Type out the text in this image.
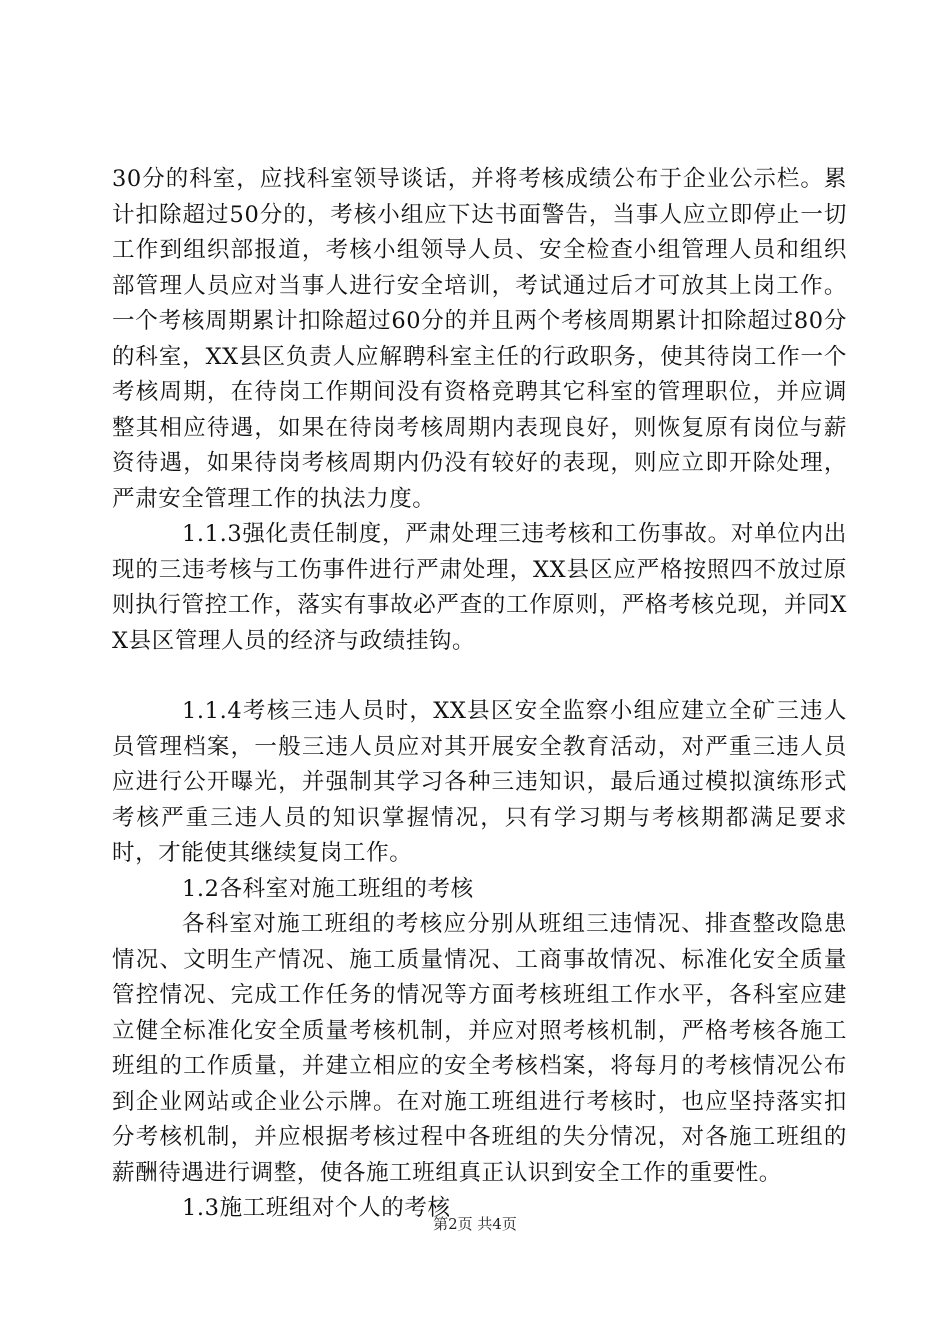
30分的科室，应找科室领导谈话，并将考核成绩公布于企业公示栏。累计扣除超过50分的，考核小组应下达书面警告，当事人应立即停止一切工作到组织部报道，考核小组领导人员、安全检查小组管理人员和组织部管理人员应对当事人进行安全培训，考试通过后才可放其上岗工作。一个考核周期累计扣除超过60分的并且两个考核周期累计扣除超过80分的科室，XX县区负责人应解聘科室主任的行政职务，使其待岗工作一个考核周期，在待岗工作期间没有资格竞聘其它科室的管理职位，并应调整其相应待遇，如果在待岗考核周期内表现良好，则恢复原有岗位与薪资待遇，如果待岗考核周期内仍没有较好的表现，则应立即开除处理，严肃安全管理工作的执法力度。

1.1.3强化责任制度，严肃处理三违考核和工伤事故。对单位内出现的三违考核与工伤事件进行严肃处理，XX县区应严格按照四不放过原则执行管控工作，落实有事故必严查的工作原则，严格考核兑现，并同XX县区管理人员的经济与政绩挂钩。

1.1.4考核三违人员时，XX县区安全监察小组应建立全矿三违人员管理档案，一般三违人员应对其开展安全教育活动，对严重三违人员应进行公开曝光，并强制其学习各种三违知识，最后通过模拟演练形式考核严重三违人员的知识掌握情况，只有学习期与考核期都满足要求时，才能使其继续复岗工作。

1.2各科室对施工班组的考核

各科室对施工班组的考核应分别从班组三违情况、排查整改隐患情况、文明生产情况、施工质量情况、工商事故情况、标准化安全质量管控情况、完成工作任务的情况等方面考核班组工作水平，各科室应建立健全标准化安全质量考核机制，并应对照考核机制，严格考核各施工班组的工作质量，并建立相应的安全考核档案，将每月的考核情况公布到企业网站或企业公示牌。在对施工班组进行考核时，也应坚持落实扣分考核机制，并应根据考核过程中各班组的失分情况，对各施工班组的薪酬待遇进行调整，使各施工班组真正认识到安全工作的重要性。

1.3施工班组对个人的考核

第2页 共4页
